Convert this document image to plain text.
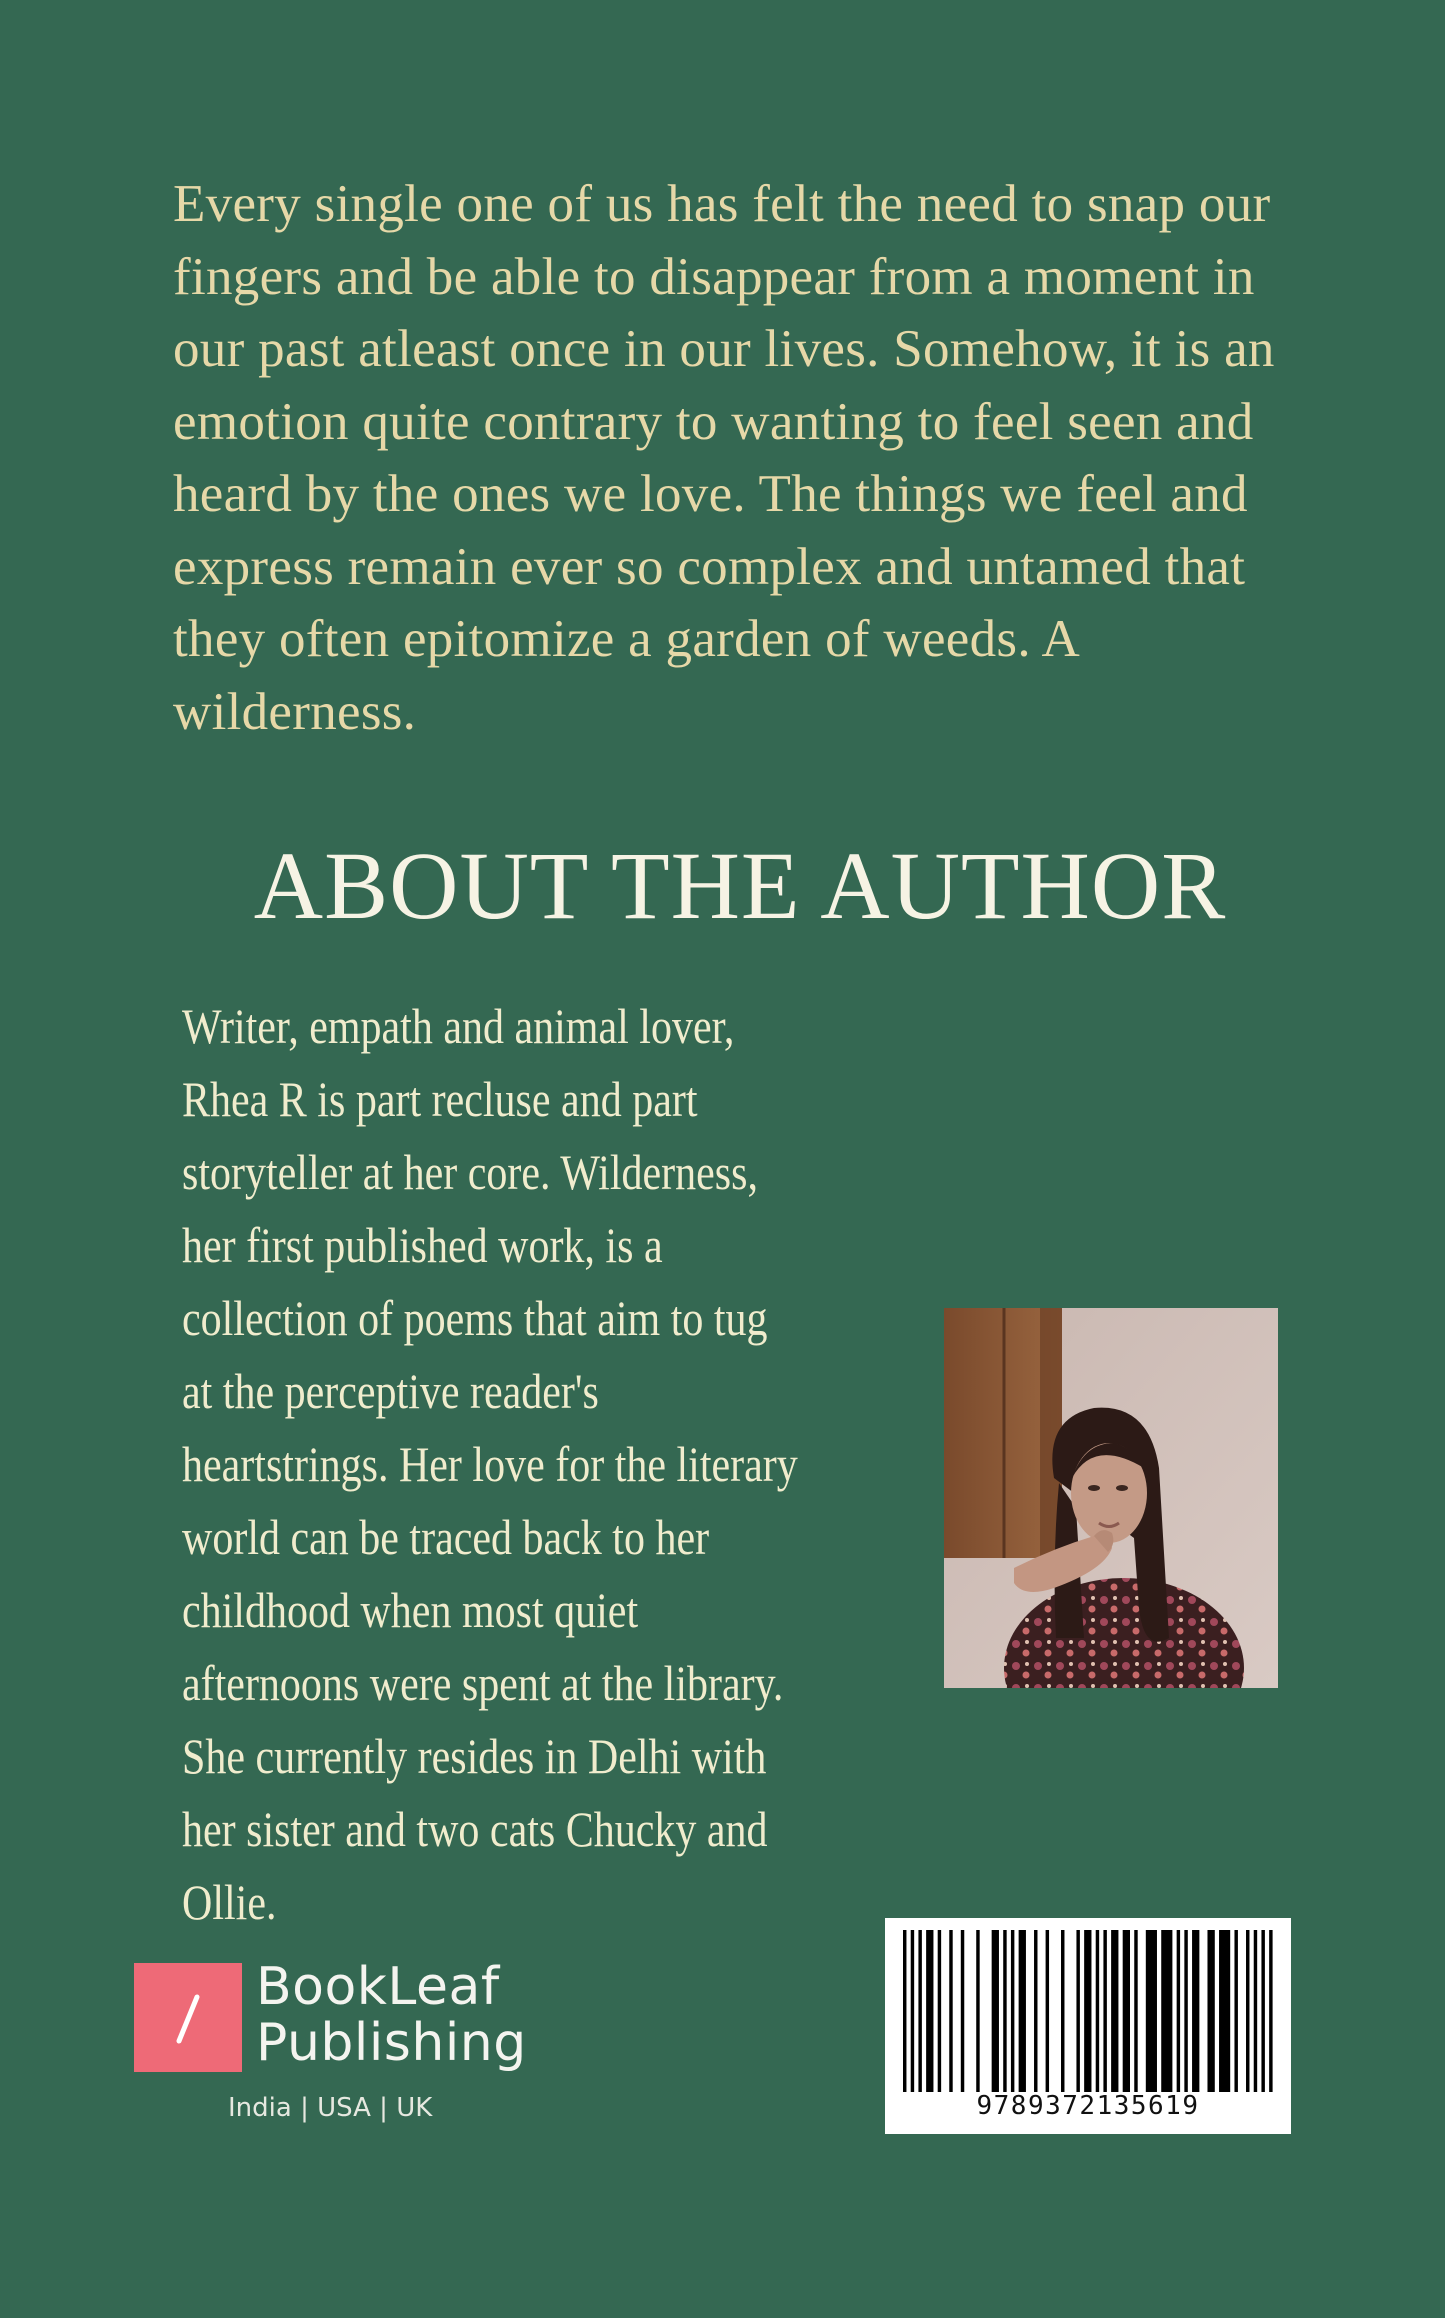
Every single one of us has felt the need to snap our fingers and be able to disappear from a moment in our past atleast once in our lives. Somehow, it is an emotion quite contrary to wanting to feel seen and heard by the ones we love. The things we feel and express remain ever so complex and untamed that they often epitomize a garden of weeds. A wilderness.

ABOUT THE AUTHOR

Writer, empath and animal lover,
Rhea R is part recluse and part
storyteller at her core. Wilderness,
her first published work, is a
collection of poems that aim to tug
at the perceptive reader's
heartstrings. Her love for the literary
world can be traced back to her
childhood when most quiet
afternoons were spent at the library.
She currently resides in Delhi with
her sister and two cats Chucky and
Ollie.

BookLeaf
Publishing
India | USA | UK	9789372135619
